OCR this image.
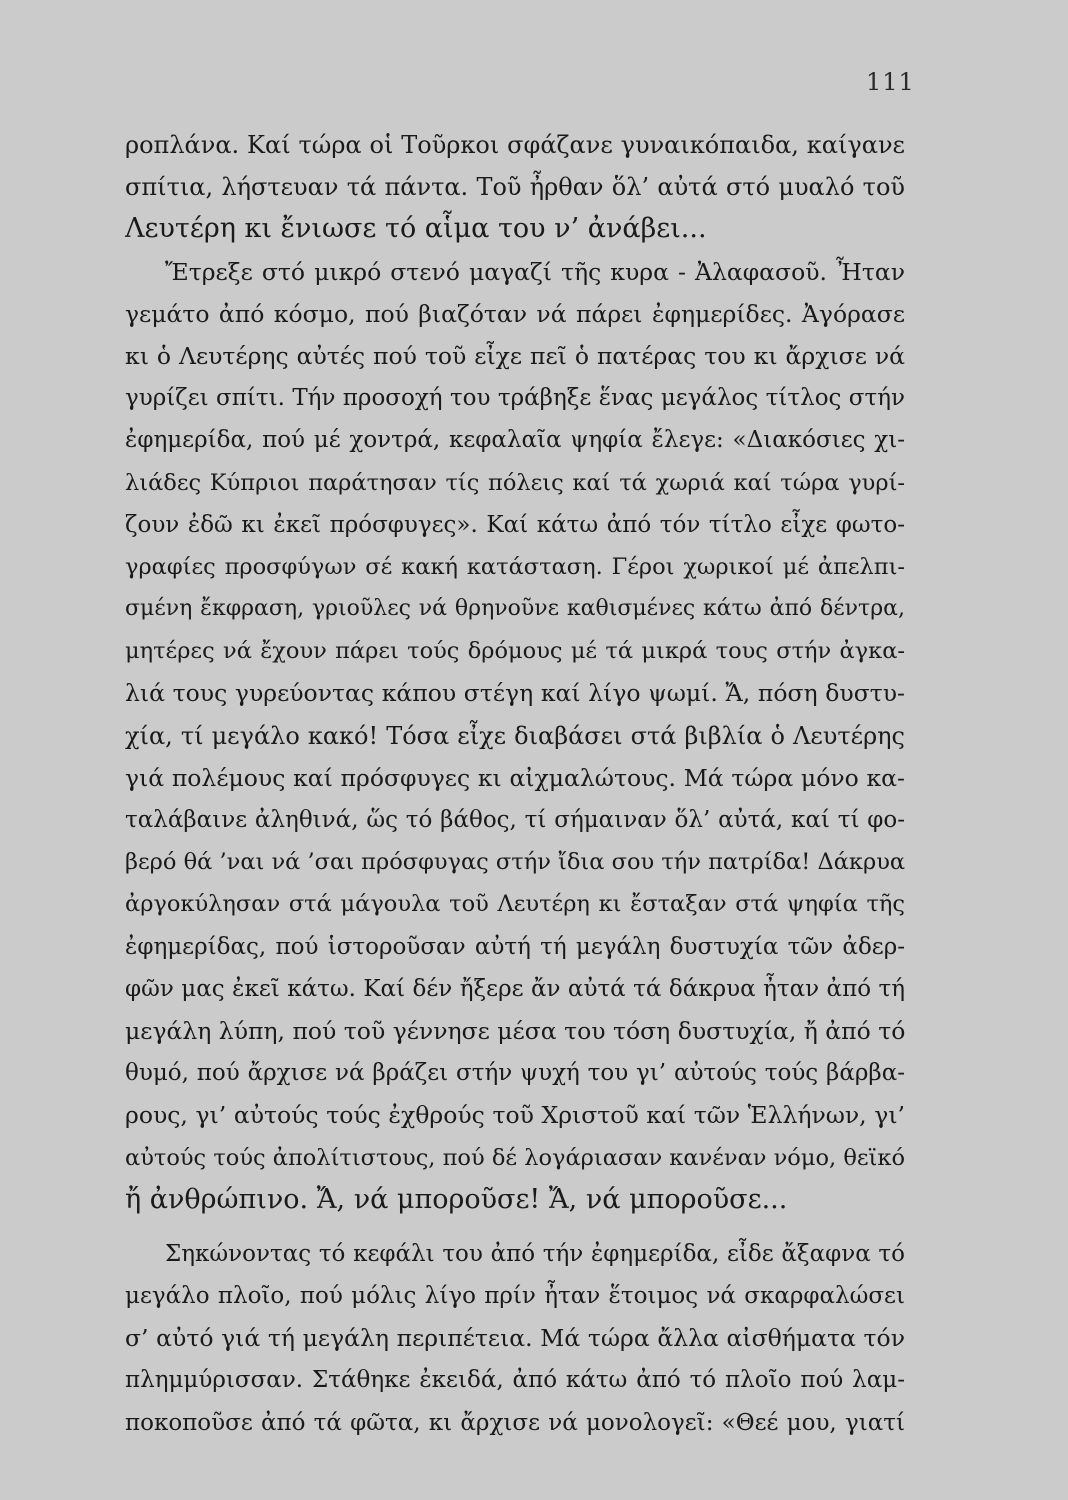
111
ροπλάνα. Καί τώρα οἱ Τοῦρκοι σφάζανε γυναικόπαιδα, καίγανε
σπίτια, λήστευαν τά πάντα. Τοῦ ἦρθαν ὅλ’ αὐτά στό μυαλό τοῦ
Λευτέρη κι ἔνιωσε τό αἷμα του ν’ ἀνάβει...
Ἔτρεξε στό μικρό στενό μαγαζί τῆς κυρα - Ἀλαφασοῦ. Ἦταν
γεμάτο ἀπό κόσμο, πού βιαζόταν νά πάρει ἐφημερίδες. Ἀγόρασε
κι ὁ Λευτέρης αὐτές πού τοῦ εἶχε πεῖ ὁ πατέρας του κι ἄρχισε νά
γυρίζει σπίτι. Τήν προσοχή του τράβηξε ἕνας μεγάλος τίτλος στήν
ἐφημερίδα, πού μέ χοντρά, κεφαλαῖα ψηφία ἔλεγε: «Διακόσιες χι-
λιάδες Κύπριοι παράτησαν τίς πόλεις καί τά χωριά καί τώρα γυρί-
ζουν ἐδῶ κι ἐκεῖ πρόσφυγες». Καί κάτω ἀπό τόν τίτλο εἶχε φωτο-
γραφίες προσφύγων σέ κακή κατάσταση. Γέροι χωρικοί μέ ἀπελπι-
σμένη ἔκφραση, γριοῦλες νά θρηνοῦνε καθισμένες κάτω ἀπό δέντρα,
μητέρες νά ἔχουν πάρει τούς δρόμους μέ τά μικρά τους στήν ἀγκα-
λιά τους γυρεύοντας κάπου στέγη καί λίγο ψωμί. Ἄ, πόση δυστυ-
χία, τί μεγάλο κακό! Τόσα εἶχε διαβάσει στά βιβλία ὁ Λευτέρης
γιά πολέμους καί πρόσφυγες κι αἰχμαλώτους. Μά τώρα μόνο κα-
ταλάβαινε ἀληθινά, ὥς τό βάθος, τί σήμαιναν ὅλ’ αὐτά, καί τί φο-
βερό θά ’ναι νά ’σαι πρόσφυγας στήν ἴδια σου τήν πατρίδα! Δάκρυα
ἀργοκύλησαν στά μάγουλα τοῦ Λευτέρη κι ἔσταξαν στά ψηφία τῆς
ἐφημερίδας, πού ἱστοροῦσαν αὐτή τή μεγάλη δυστυχία τῶν ἀδερ-
φῶν μας ἐκεῖ κάτω. Καί δέν ἤξερε ἄν αὐτά τά δάκρυα ἦταν ἀπό τή
μεγάλη λύπη, πού τοῦ γέννησε μέσα του τόση δυστυχία, ἤ ἀπό τό
θυμό, πού ἄρχισε νά βράζει στήν ψυχή του γι’ αὐτούς τούς βάρβα-
ρους, γι’ αὐτούς τούς ἐχθρούς τοῦ Χριστοῦ καί τῶν Ἑλλήνων, γι’
αὐτούς τούς ἀπολίτιστους, πού δέ λογάριασαν κανέναν νόμο, θεϊκό
ἤ ἀνθρώπινο. Ἄ, νά μποροῦσε! Ἄ, νά μποροῦσε...
Σηκώνοντας τό κεφάλι του ἀπό τήν ἐφημερίδα, εἶδε ἄξαφνα τό
μεγάλο πλοῖο, πού μόλις λίγο πρίν ἦταν ἕτοιμος νά σκαρφαλώσει
σ’ αὐτό γιά τή μεγάλη περιπέτεια. Μά τώρα ἄλλα αἰσθήματα τόν
πλημμύρισσαν. Στάθηκε ἐκειδά, ἀπό κάτω ἀπό τό πλοῖο πού λαμ-
ποκοποῦσε ἀπό τά φῶτα, κι ἄρχισε νά μονολογεῖ: «Θεέ μου, γιατί
